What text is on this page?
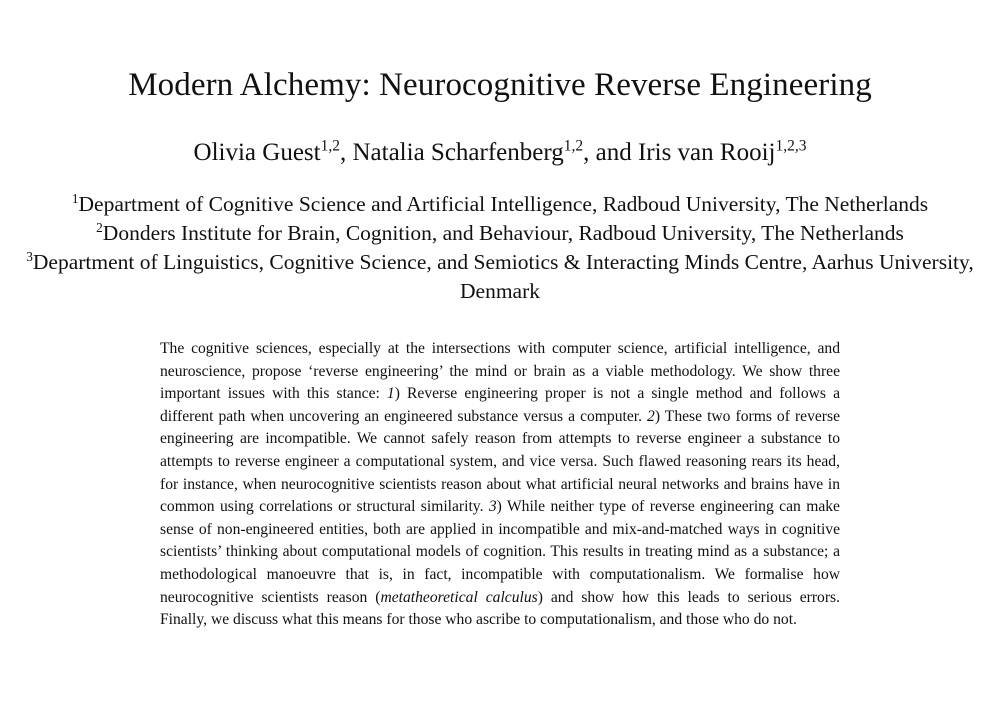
Modern Alchemy: Neurocognitive Reverse Engineering
Olivia Guest$^{1,2}$, Natalia Scharfenberg$^{1,2}$, and Iris van Rooij$^{1,2,3}$
$^1$Department of Cognitive Science and Artificial Intelligence, Radboud University, The Netherlands
$^2$Donders Institute for Brain, Cognition, and Behaviour, Radboud University, The Netherlands
$^3$Department of Linguistics, Cognitive Science, and Semiotics & Interacting Minds Centre, Aarhus University, Denmark
The cognitive sciences, especially at the intersections with computer science, artificial intelligence, and neuroscience, propose ‘reverse engineering’ the mind or brain as a viable methodology. We show three important issues with this stance: 1) Reverse engineering proper is not a single method and follows a different path when uncovering an engineered substance versus a computer. 2) These two forms of reverse engineering are incompatible. We cannot safely reason from attempts to reverse engineer a substance to attempts to reverse engineer a computational system, and vice versa. Such flawed reasoning rears its head, for instance, when neurocognitive scientists reason about what artificial neural networks and brains have in common using correlations or structural similarity. 3) While neither type of reverse engineering can make sense of non-engineered entities, both are applied in incompatible and mix-and-matched ways in cognitive scientists’ thinking about computational models of cognition. This results in treating mind as a substance; a methodological manoeuvre that is, in fact, incompatible with computationalism. We formalise how neurocognitive scientists reason (metatheoretical calculus) and show how this leads to serious errors. Finally, we discuss what this means for those who ascribe to computationalism, and those who do not.
